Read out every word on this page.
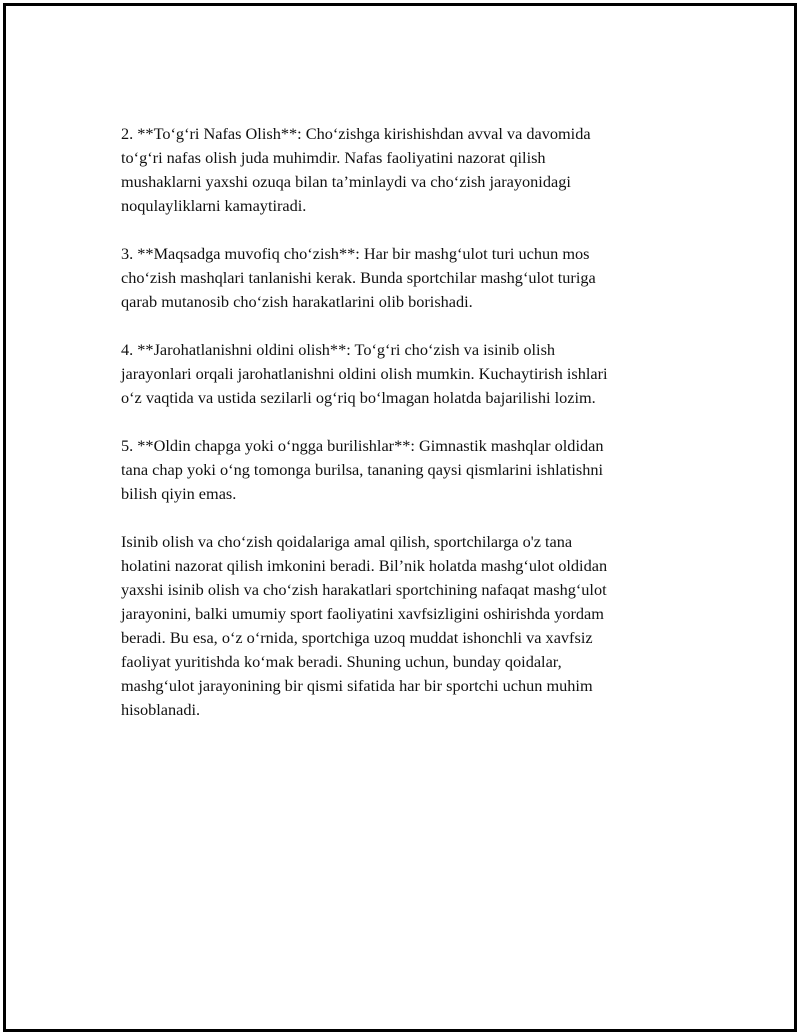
2. **To‘g‘ri Nafas Olish**: Cho‘zishga kirishishdan avval va davomida
to‘g‘ri nafas olish juda muhimdir. Nafas faoliyatini nazorat qilish
mushaklarni yaxshi ozuqa bilan ta’minlaydi va cho‘zish jarayonidagi
noqulayliklarni kamaytiradi.

3. **Maqsadga muvofiq cho‘zish**: Har bir mashg‘ulot turi uchun mos
cho‘zish mashqlari tanlanishi kerak. Bunda sportchilar mashg‘ulot turiga
qarab mutanosib cho‘zish harakatlarini olib borishadi.

4. **Jarohatlanishni oldini olish**: To‘g‘ri cho‘zish va isinib olish
jarayonlari orqali jarohatlanishni oldini olish mumkin. Kuchaytirish ishlari
o‘z vaqtida va ustida sezilarli og‘riq bo‘lmagan holatda bajarilishi lozim.

5. **Oldin chapga yoki o‘ngga burilishlar**: Gimnastik mashqlar oldidan
tana chap yoki o‘ng tomonga burilsa, tananing qaysi qismlarini ishlatishni
bilish qiyin emas.

Isinib olish va cho‘zish qoidalariga amal qilish, sportchilarga o'z tana
holatini nazorat qilish imkonini beradi. Bil’nik holatda mashg‘ulot oldidan
yaxshi isinib olish va cho‘zish harakatlari sportchining nafaqat mashg‘ulot
jarayonini, balki umumiy sport faoliyatini xavfsizligini oshirishda yordam
beradi. Bu esa, o‘z o‘rnida, sportchiga uzoq muddat ishonchli va xavfsiz
faoliyat yuritishda ko‘mak beradi. Shuning uchun, bunday qoidalar,
mashg‘ulot jarayonining bir qismi sifatida har bir sportchi uchun muhim
hisoblanadi.
